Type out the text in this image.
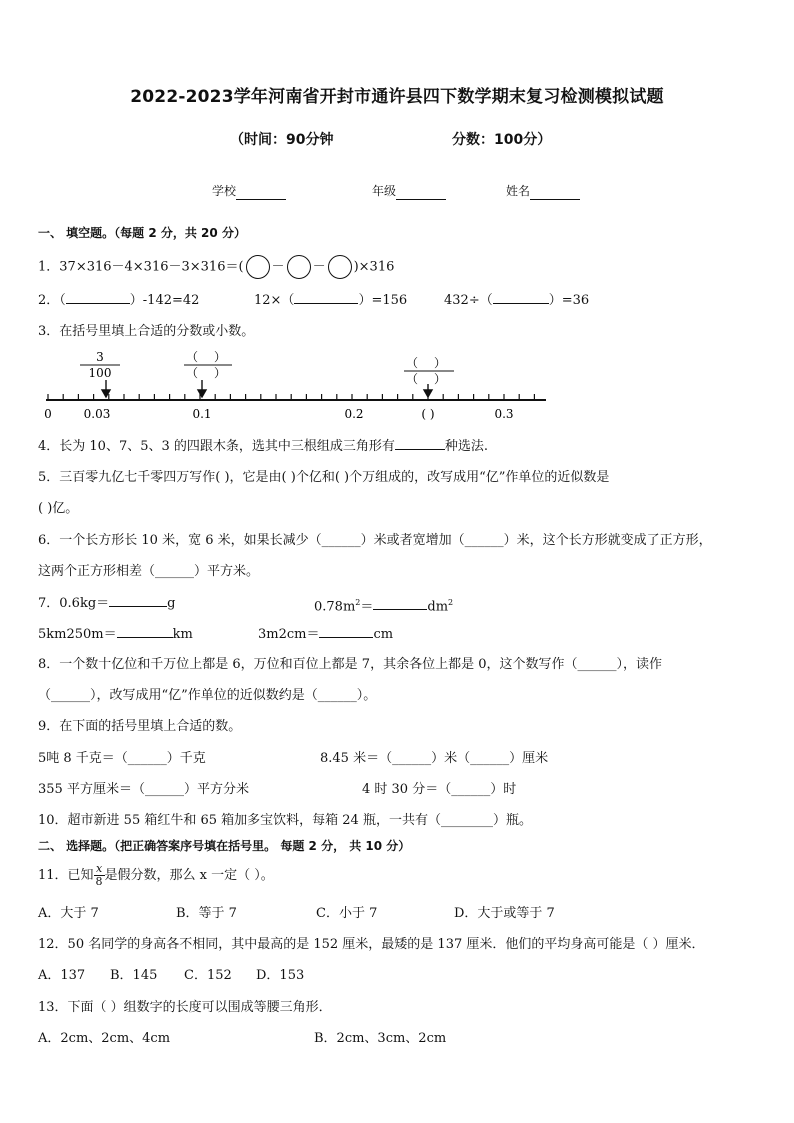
2022-2023学年河南省开封市通许县四下数学期末复习检测模拟试题
（时间：90分钟	分数：100分）
学校	年级	姓名
一、 填空题。（每题 2 分，共 20 分）
1．37×316－4×316－3×316＝( － － )×316
2．（	）-142=42	12×（	）=156	432÷（	）=36
3．在括号里填上合适的分数或小数。
3
100
（ ）
（ ）
（ ）
（ ）
0	0.03	0.1	0.2	( )	0.3
4．长为 10、7、5、3 的四跟木条，选其中三根组成三角形有	种选法.
5．三百零九亿七千零四万写作( )，它是由( )个亿和( )个万组成的，改写成用“亿”作单位的近似数是
( )亿。
6．一个长方形长 10 米，宽 6 米，如果长减少（______）米或者宽增加（______）米，这个长方形就变成了正方形，
这两个正方形相差（______）平方米。
7．0.6kg＝	g	$0.78m^2=$	$dm^2$
5km250m＝	km	3m2cm＝	cm
8．一个数十亿位和千万位上都是 6，万位和百位上都是 7，其余各位上都是 0，这个数写作（______），读作
（______），改写成用“亿”作单位的近似数约是（______）。
9．在下面的括号里填上合适的数。
5吨 8 千克＝（______）千克	8.45 米＝（______）米（______）厘米
355 平方厘米＝（______）平方分米	4 时 30 分＝（______）时
10．超市新进 55 箱红牛和 65 箱加多宝饮料，每箱 24 瓶，一共有（________）瓶。
二、 选择题。（把正确答案序号填在括号里。 每题 2 分， 共 10 分）
11．已知 $\frac{x}{8}$ 是假分数，那么 x 一定（ ）。
A．大于 7	B．等于 7	C．小于 7	D．大于或等于 7
12．50 名同学的身高各不相同，其中最高的是 152 厘米，最矮的是 137 厘米．他们的平均身高可能是（ ）厘米．
A．137 B．145 C．152 D．153
13．下面（ ）组数字的长度可以围成等腰三角形．
A．2cm、2cm、4cm	B．2cm、3cm、2cm
